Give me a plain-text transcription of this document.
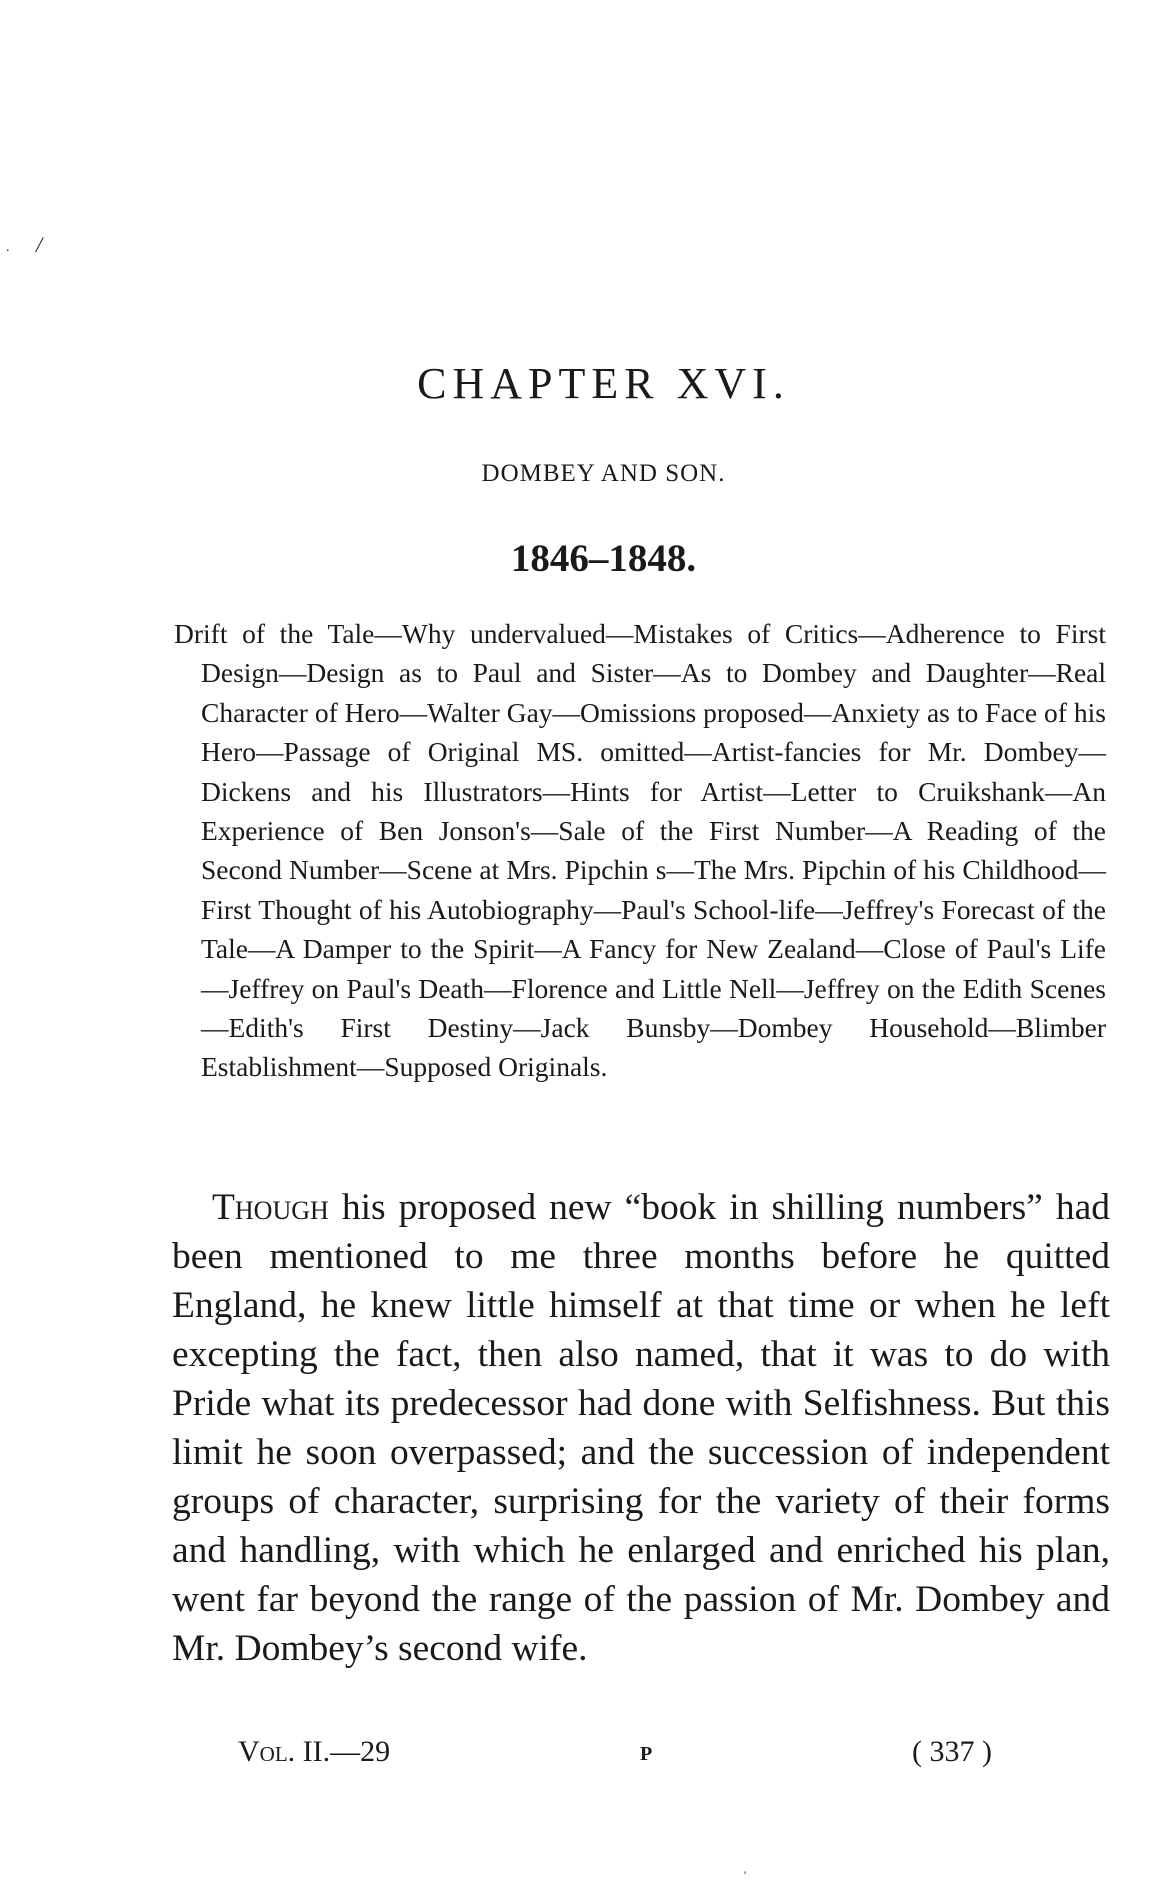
. /
CHAPTER XVI.
DOMBEY AND SON.
1846–1848.
Drift of the Tale—Why undervalued—Mistakes of Critics—Adherence to First Design—Design as to Paul and Sister—As to Dombey and Daughter—Real Character of Hero—Walter Gay—Omissions proposed—Anxiety as to Face of his Hero—Passage of Original MS. omitted—Artist-fancies for Mr. Dombey—Dickens and his Illustrators—Hints for Artist—Letter to Cruikshank—An Experience of Ben Jonson's—Sale of the First Number—A Reading of the Second Number—Scene at Mrs. Pipchin s—The Mrs. Pipchin of his Childhood—First Thought of his Autobiography—Paul's School-life—Jeffrey's Forecast of the Tale—A Damper to the Spirit—A Fancy for New Zealand—Close of Paul's Life—Jeffrey on Paul's Death—Florence and Little Nell—Jeffrey on the Edith Scenes—Edith's First Destiny—Jack Bunsby—Dombey Household—Blimber Establishment—Supposed Originals.
Though his proposed new “book in shilling numbers” had been mentioned to me three months before he quitted England, he knew little himself at that time or when he left excepting the fact, then also named, that it was to do with Pride what its predecessor had done with Selfishness. But this limit he soon overpassed; and the succession of independent groups of character, surprising for the variety of their forms and handling, with which he enlarged and enriched his plan, went far beyond the range of the passion of Mr. Dombey and Mr. Dombey’s second wife.
Vol. II.—29	P	( 337 )
'
